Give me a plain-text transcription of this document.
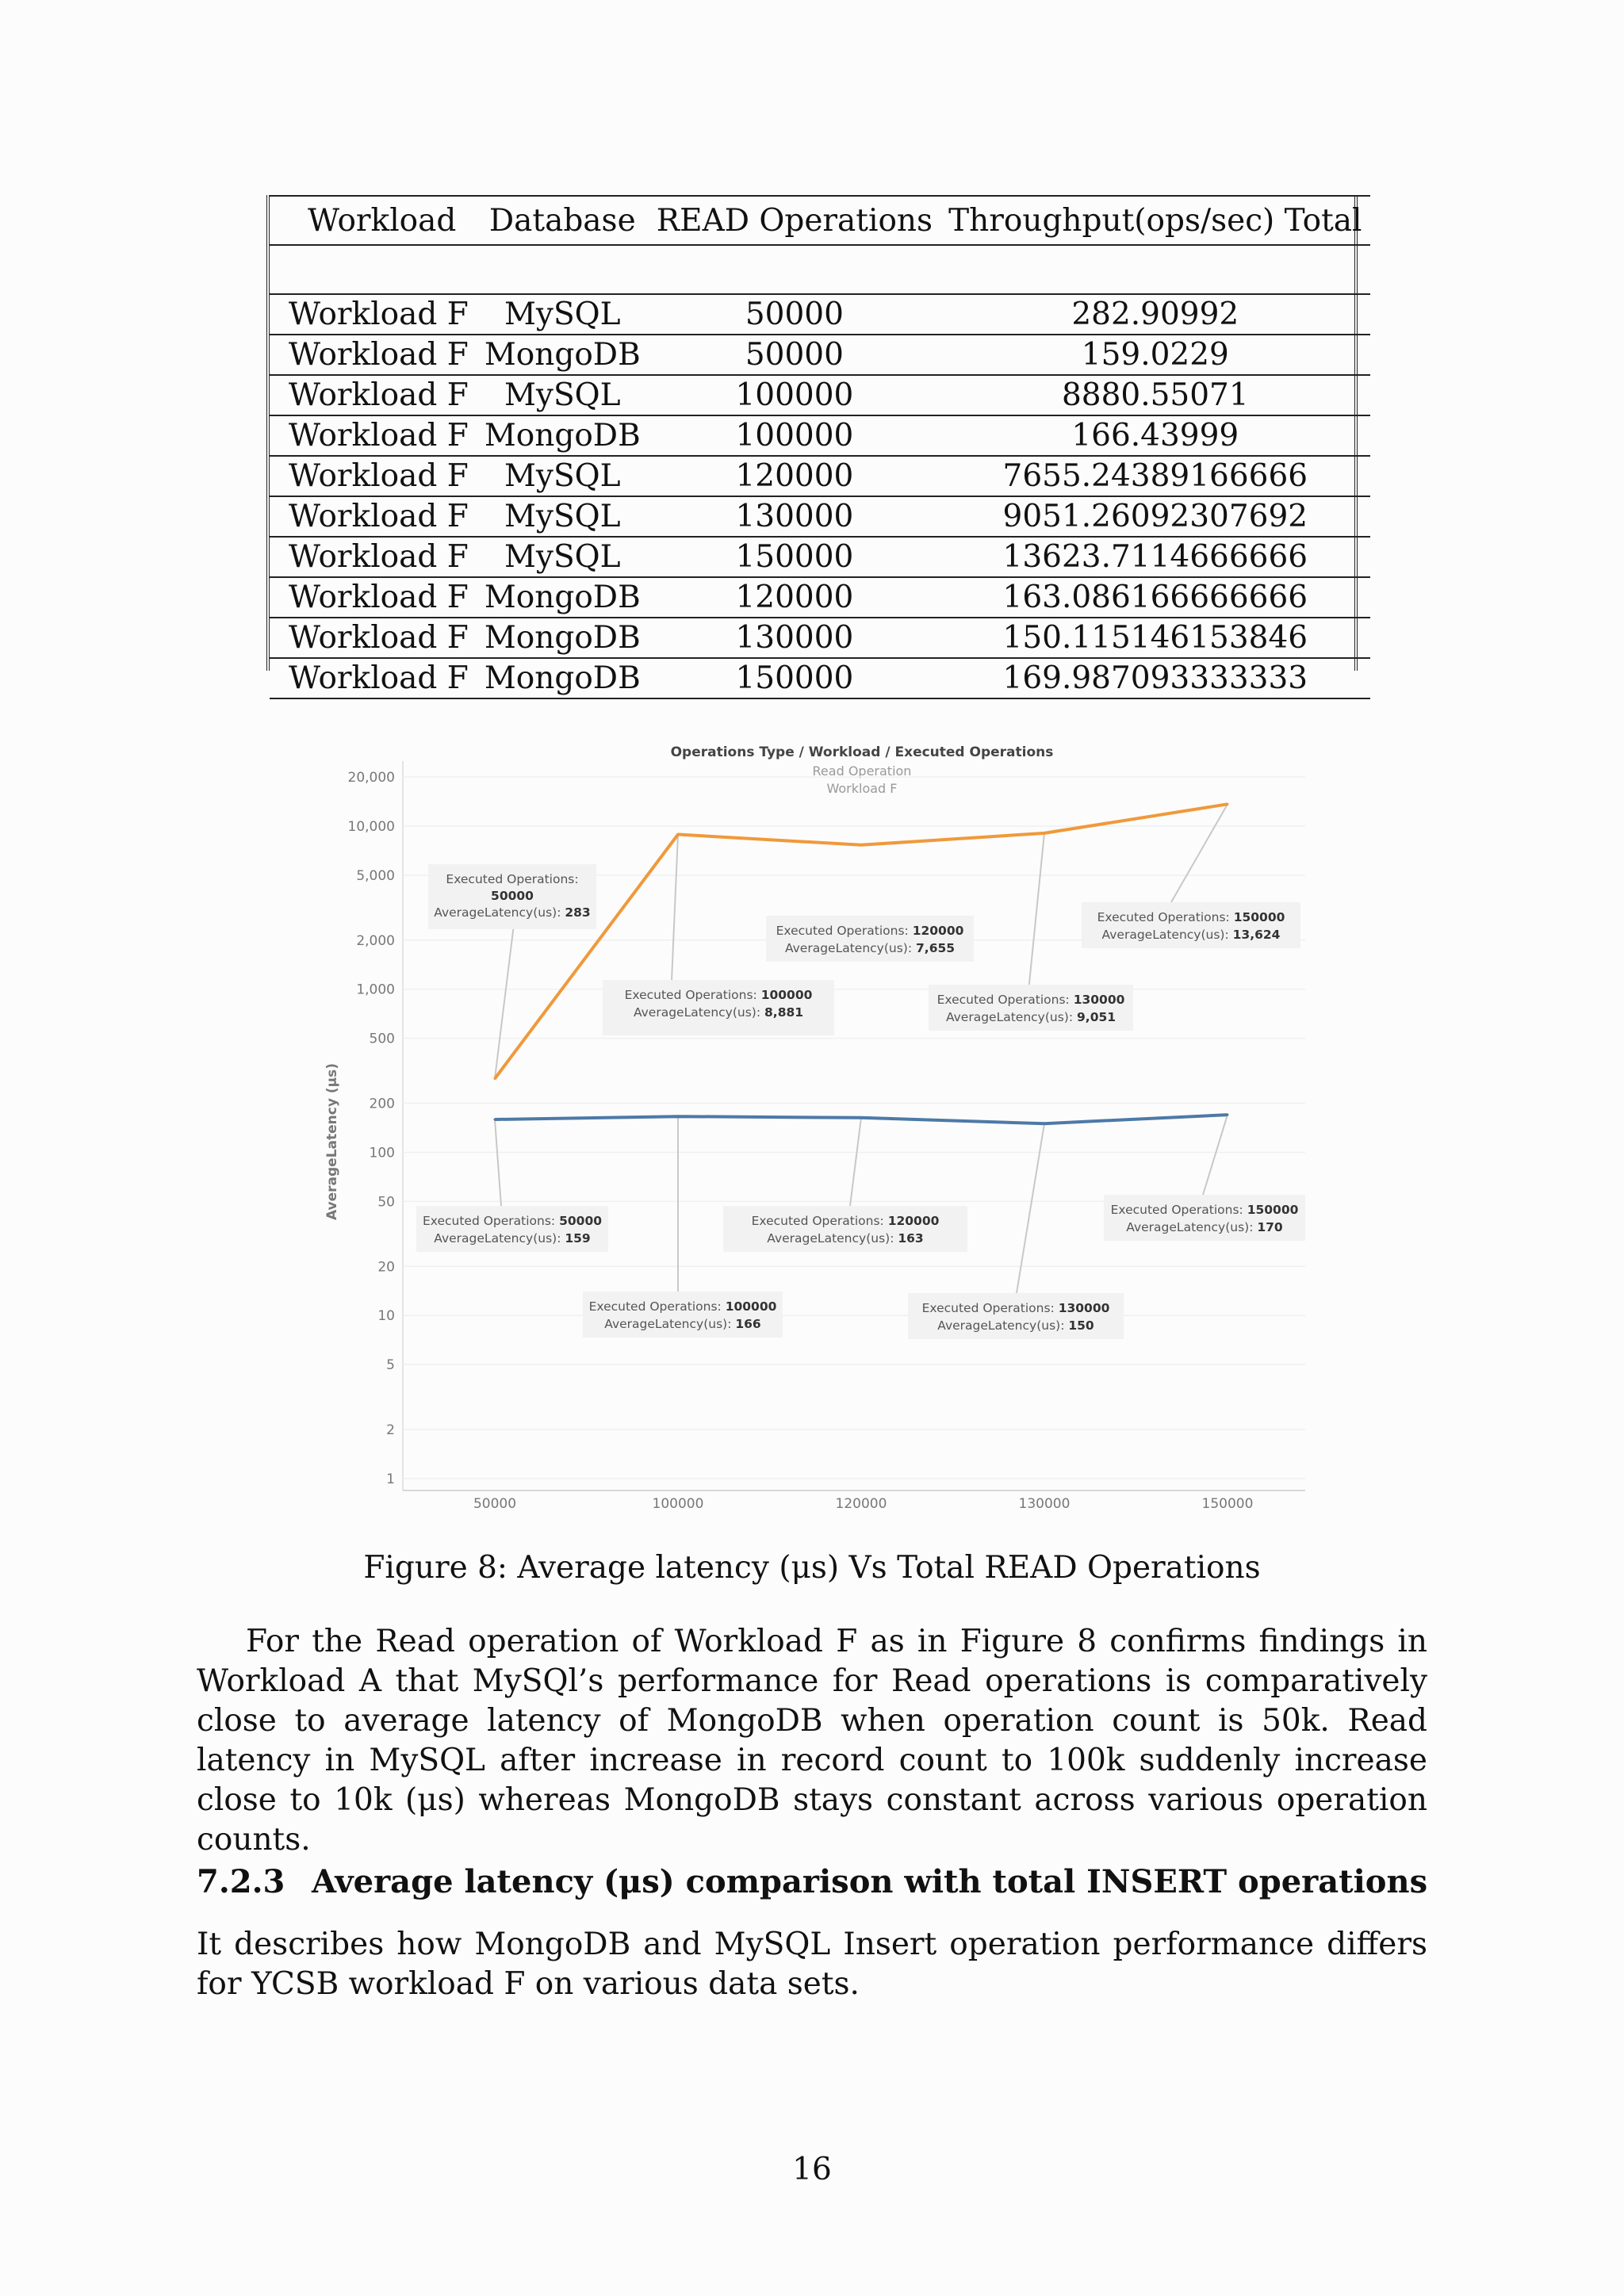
Workload	Database	READ Operations	Throughput(ops/sec) Total

Workload F	MySQL	50000	282.90992
Workload F	MongoDB	50000	159.0229
Workload F	MySQL	100000	8880.55071
Workload F	MongoDB	100000	166.43999
Workload F	MySQL	120000	7655.24389166666
Workload F	MySQL	130000	9051.26092307692
Workload F	MySQL	150000	13623.7114666666
Workload F	MongoDB	120000	163.086166666666
Workload F	MongoDB	130000	150.115146153846
Workload F	MongoDB	150000	169.987093333333
Operations Type / Workload / Executed Operations
Read Operation
Workload F
AverageLatency (µs)
1
2
5
10
20
50
100
200
500
1,000
2,000
5,000
10,000
20,000
50000	100000	120000	130000	150000
Executed Operations:
50000
AverageLatency(us): 283
Executed Operations: 100000
AverageLatency(us): 8,881
Executed Operations: 120000
AverageLatency(us): 7,655
Executed Operations: 130000
AverageLatency(us): 9,051
Executed Operations: 150000
AverageLatency(us): 13,624
Executed Operations: 50000
AverageLatency(us): 159
Executed Operations: 100000
AverageLatency(us): 166
Executed Operations: 120000
AverageLatency(us): 163
Executed Operations: 130000
AverageLatency(us): 150
Executed Operations: 150000
AverageLatency(us): 170
Figure 8: Average latency (μs) Vs Total READ Operations

For the Read operation of Workload F as in Figure 8 confirms findings in Workload A that MySQl’s performance for Read operations is comparatively close to average latency of MongoDB when operation count is 50k. Read latency in MySQL after increase in record count to 100k suddenly increase close to 10k (μs) whereas MongoDB stays constant across various operation counts.

7.2.3 Average latency (μs) comparison with total INSERT operations
It describes how MongoDB and MySQL Insert operation performance differs for YCSB workload F on various data sets.
16
